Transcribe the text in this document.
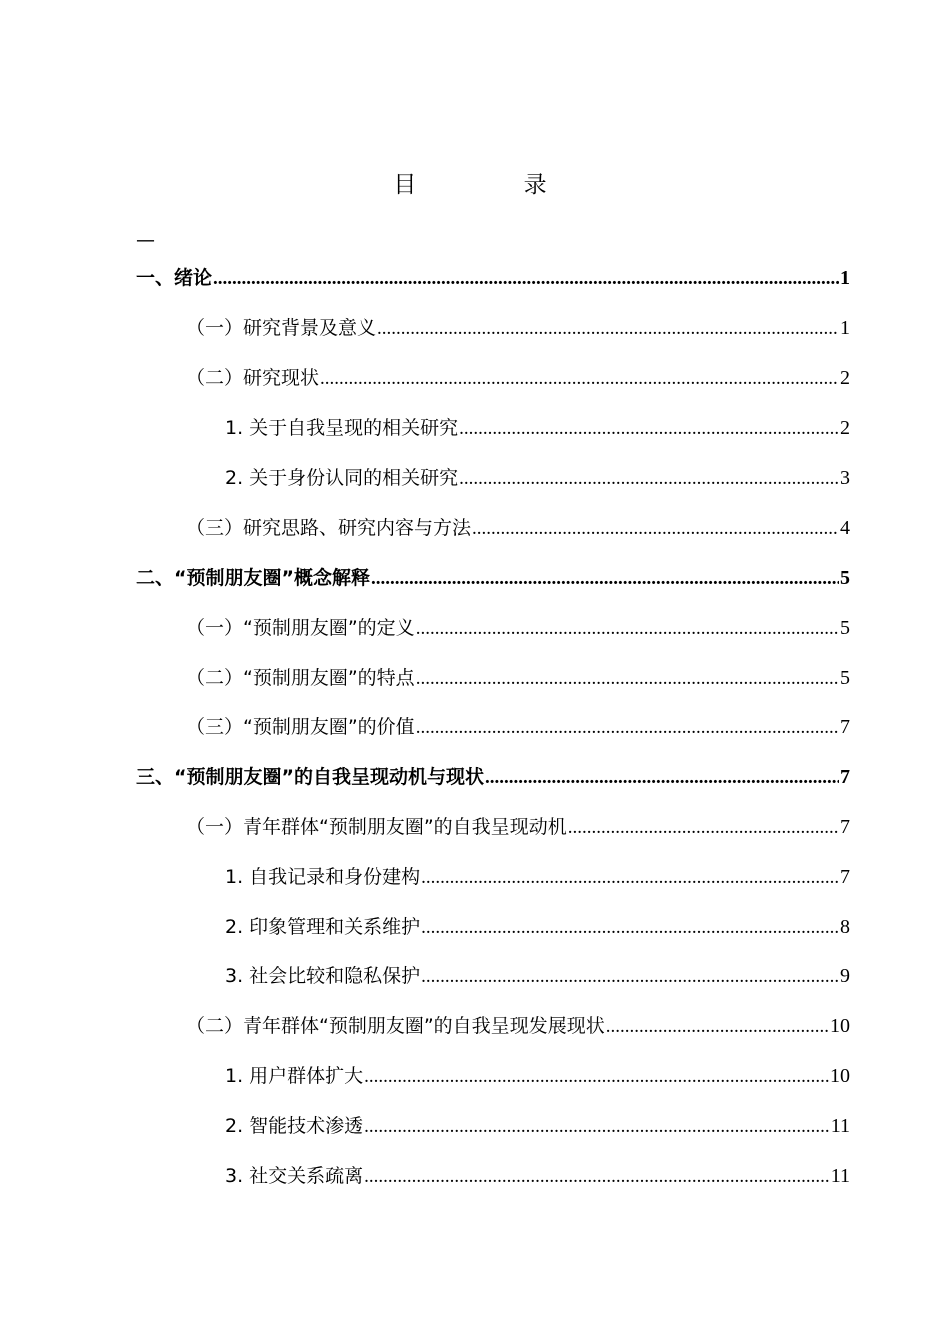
目 录
—
一、绪论 .....	1
（一）研究背景及意义 .....	1
（二）研究现状 .....	2
1. 关于自我呈现的相关研究 .....	2
2. 关于身份认同的相关研究 .....	3
（三）研究思路、研究内容与方法 .....	4
二、“预制朋友圈”概念解释 .....	5
（一）“预制朋友圈”的定义 .....	5
（二）“预制朋友圈”的特点 .....	5
（三）“预制朋友圈”的价值 .....	7
三、“预制朋友圈”的自我呈现动机与现状 .....	7
（一）青年群体“预制朋友圈”的自我呈现动机 .....	7
1. 自我记录和身份建构 .....	7
2. 印象管理和关系维护 .....	8
3. 社会比较和隐私保护 .....	9
（二）青年群体“预制朋友圈”的自我呈现发展现状 .....	10
1. 用户群体扩大 .....	10
2. 智能技术渗透 .....	11
3. 社交关系疏离 .....	11
